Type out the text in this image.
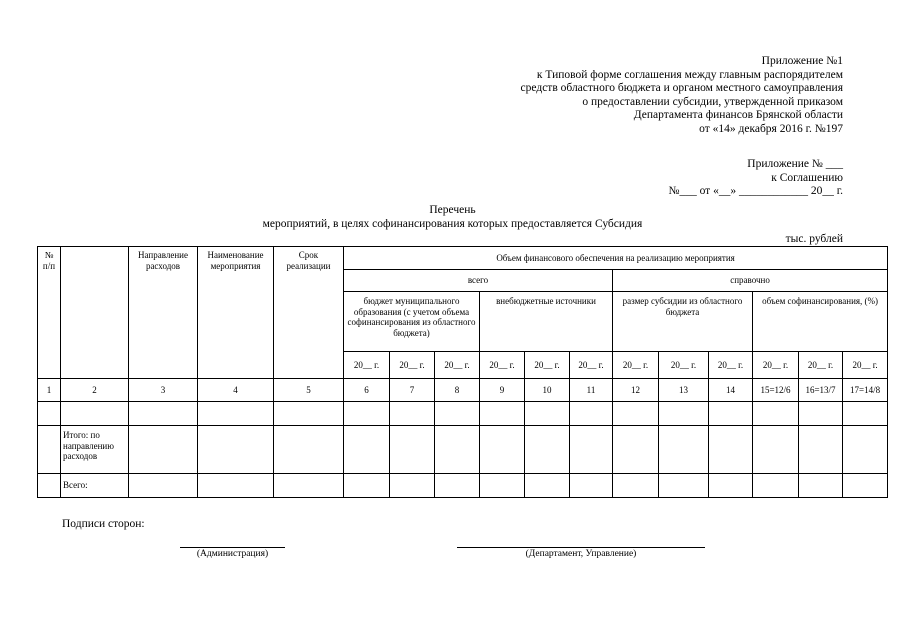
Приложение №1
к Типовой форме соглашения между главным распорядителем
средств областного бюджета и органом местного самоуправления
о предоставлении субсидии, утвержденной приказом
Департамента финансов Брянской области
от «14» декабря 2016 г. №197
Приложение № ___
к Соглашению
№___ от «__» ____________ 20__ г.
Перечень
мероприятий, в целях софинансирования которых предоставляется Субсидия
тыс. рублей
№ п/п		Направление расходов	Наименование мероприятия	Срок реализации	Объем финансового обеспечения на реализацию мероприятия											
					всего						справочно					
					бюджет муниципального образования (с учетом объема софинансирования из областного бюджета)			внебюджетные источники			размер субсидии из областного бюджета			объем софинансирования, (%)		
					20__ г.	20__ г.	20__ г.	20__ г.	20__ г.	20__ г.	20__ г.	20__ г.	20__ г.	20__ г.	20__ г.	20__ г.
1	2	3	4	5	6	7	8	9	10	11	12	13	14	15=12/6	16=13/7	17=14/8

	Итого: по направлению расходов															
	Всего:															
Подписи сторон:
(Администрация)	(Департамент, Управление)
